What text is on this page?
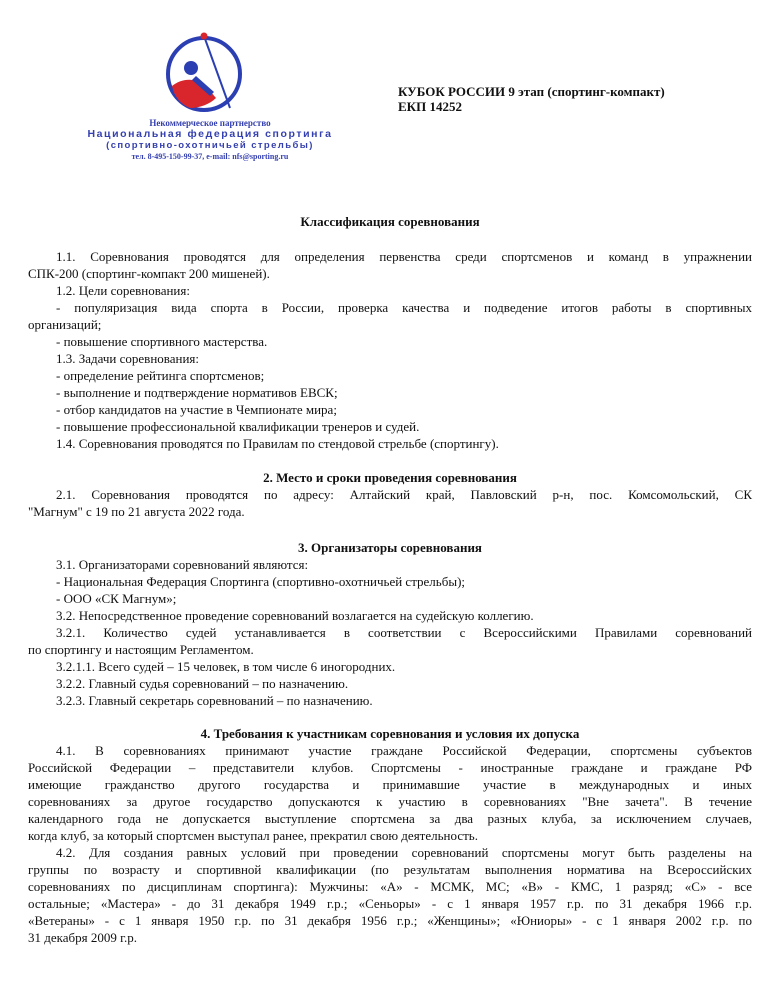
Некоммерческое партнерство
Национальная федерация спортинга
(спортивно-охотничьей стрельбы)
тел. 8-495-150-99-37, e-mail: nfs@sporting.ru
КУБОК РОССИИ 9 этап (спортинг-компакт)
ЕКП 14252
Классификация соревнования
1.1. Соревнования проводятся для определения первенства среди спортсменов и команд в упражнении
СПК-200 (спортинг-компакт 200 мишеней).
1.2. Цели соревнования:
- популяризация вида спорта в России, проверка качества и подведение итогов работы в спортивных
организаций;
- повышение спортивного мастерства.
1.3. Задачи соревнования:
- определение рейтинга спортсменов;
- выполнение и подтверждение нормативов ЕВСК;
- отбор кандидатов на участие в Чемпионате мира;
- повышение профессиональной квалификации тренеров и судей.
1.4. Соревнования проводятся по Правилам по стендовой стрельбе (спортингу).
2. Место и сроки проведения соревнования
2.1. Соревнования проводятся по адресу: Алтайский край, Павловский р-н, пос. Комсомольский, СК
"Магнум" с 19 по 21 августа 2022 года.
3. Организаторы соревнования
3.1. Организаторами соревнований являются:
- Национальная Федерация Спортинга (спортивно-охотничьей стрельбы);
- ООО «СК Магнум»;
3.2. Непосредственное проведение соревнований возлагается на судейскую коллегию.
3.2.1. Количество судей устанавливается в соответствии с Всероссийскими Правилами соревнований
по спортингу и настоящим Регламентом.
3.2.1.1. Всего судей – 15 человек, в том числе 6 иногородних.
3.2.2. Главный судья соревнований – по назначению.
3.2.3. Главный секретарь соревнований – по назначению.
4. Требования к участникам соревнования и условия их допуска
4.1. В соревнованиях принимают участие граждане Российской Федерации, спортсмены субъектов
Российской Федерации – представители клубов. Спортсмены - иностранные граждане и граждане РФ
имеющие гражданство другого государства и принимавшие участие в международных и иных
соревнованиях за другое государство допускаются к участию в соревнованиях "Вне зачета". В течение
календарного года не допускается выступление спортсмена за два разных клуба, за исключением случаев,
когда клуб, за который спортсмен выступал ранее, прекратил свою деятельность.
4.2. Для создания равных условий при проведении соревнований спортсмены могут быть разделены на
группы по возрасту и спортивной квалификации (по результатам выполнения норматива на Всероссийских
соревнованиях по дисциплинам спортинга): Мужчины: «А» - МСМК, МС; «В» - КМС, 1 разряд; «С» - все
остальные; «Мастера» - до 31 декабря 1949 г.р.; «Сеньоры» - с 1 января 1957 г.р. по 31 декабря 1966 г.р.
«Ветераны» - с 1 января 1950 г.р. по 31 декабря 1956 г.р.; «Женщины»; «Юниоры» - с 1 января 2002 г.р. по
31 декабря 2009 г.р.
